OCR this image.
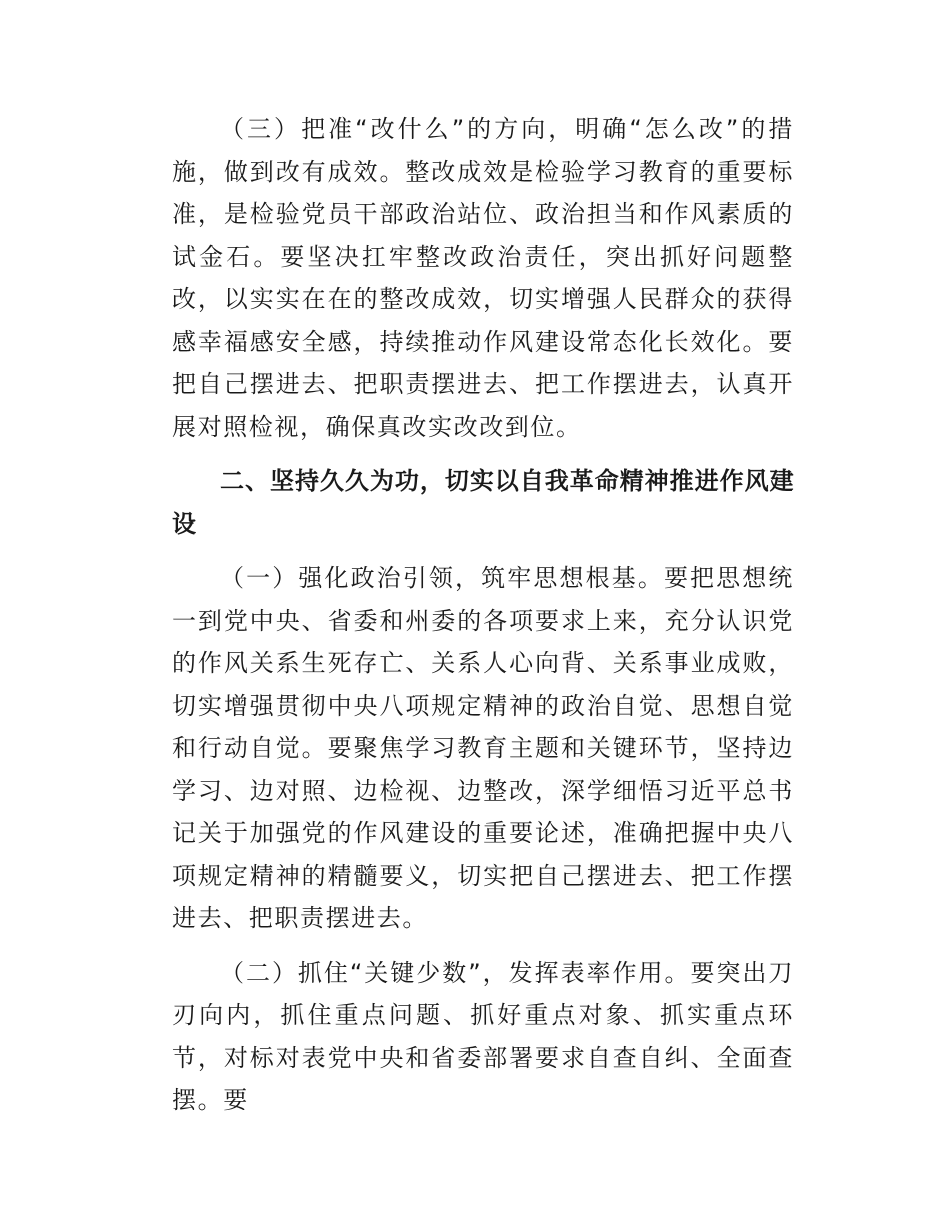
（三）把准“改什么”的方向，明确“怎么改”的措施，做到改有成效。整改成效是检验学习教育的重要标准，是检验党员干部政治站位、政治担当和作风素质的试金石。要坚决扛牢整改政治责任，突出抓好问题整改，以实实在在的整改成效，切实增强人民群众的获得感幸福感安全感，持续推动作风建设常态化长效化。要把自己摆进去、把职责摆进去、把工作摆进去，认真开展对照检视，确保真改实改改到位。

二、坚持久久为功，切实以自我革命精神推进作风建设

（一）强化政治引领，筑牢思想根基。要把思想统一到党中央、省委和州委的各项要求上来，充分认识党的作风关系生死存亡、关系人心向背、关系事业成败，切实增强贯彻中央八项规定精神的政治自觉、思想自觉和行动自觉。要聚焦学习教育主题和关键环节，坚持边学习、边对照、边检视、边整改，深学细悟习近平总书记关于加强党的作风建设的重要论述，准确把握中央八项规定精神的精髓要义，切实把自己摆进去、把工作摆进去、把职责摆进去。

（二）抓住“关键少数”，发挥表率作用。要突出刀刃向内，抓住重点问题、抓好重点对象、抓实重点环节，对标对表党中央和省委部署要求自查自纠、全面查摆。要
